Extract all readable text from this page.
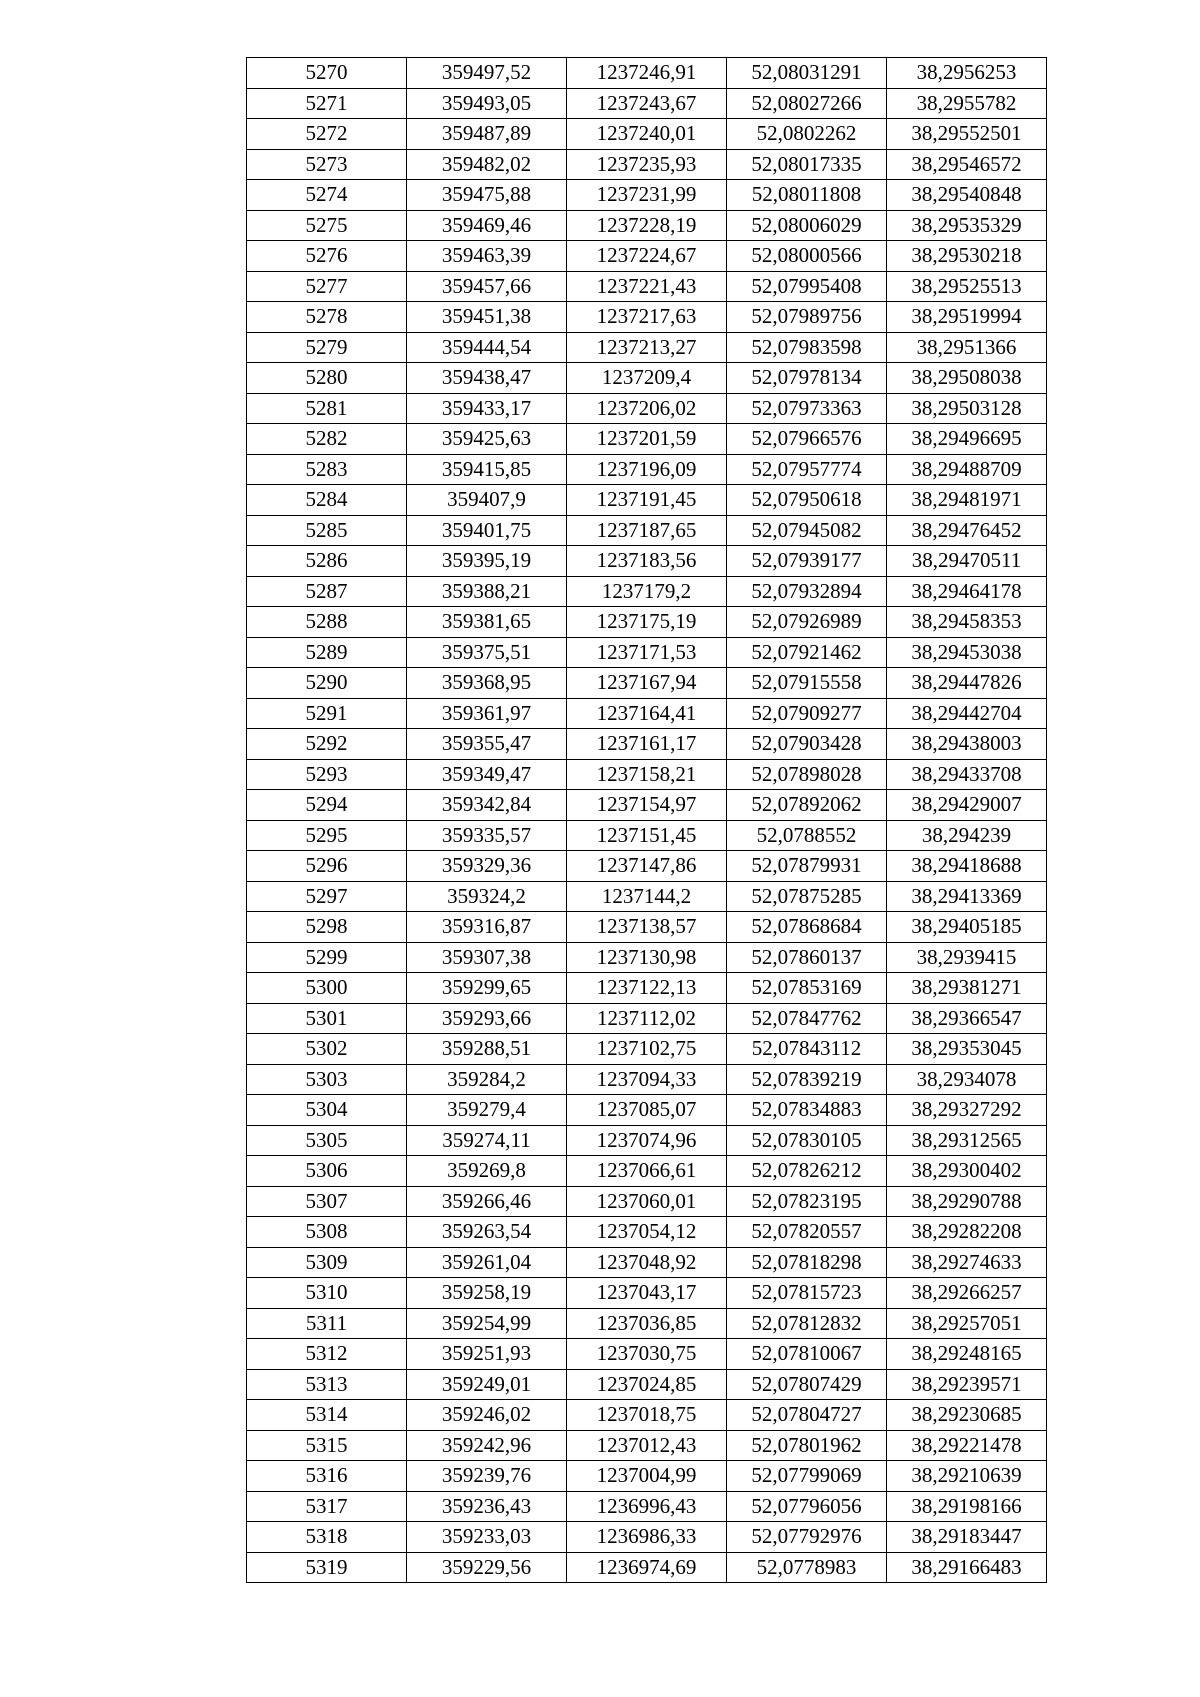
5270	359497,52	1237246,91	52,08031291	38,2956253
5271	359493,05	1237243,67	52,08027266	38,2955782
5272	359487,89	1237240,01	52,0802262	38,29552501
5273	359482,02	1237235,93	52,08017335	38,29546572
5274	359475,88	1237231,99	52,08011808	38,29540848
5275	359469,46	1237228,19	52,08006029	38,29535329
5276	359463,39	1237224,67	52,08000566	38,29530218
5277	359457,66	1237221,43	52,07995408	38,29525513
5278	359451,38	1237217,63	52,07989756	38,29519994
5279	359444,54	1237213,27	52,07983598	38,2951366
5280	359438,47	1237209,4	52,07978134	38,29508038
5281	359433,17	1237206,02	52,07973363	38,29503128
5282	359425,63	1237201,59	52,07966576	38,29496695
5283	359415,85	1237196,09	52,07957774	38,29488709
5284	359407,9	1237191,45	52,07950618	38,29481971
5285	359401,75	1237187,65	52,07945082	38,29476452
5286	359395,19	1237183,56	52,07939177	38,29470511
5287	359388,21	1237179,2	52,07932894	38,29464178
5288	359381,65	1237175,19	52,07926989	38,29458353
5289	359375,51	1237171,53	52,07921462	38,29453038
5290	359368,95	1237167,94	52,07915558	38,29447826
5291	359361,97	1237164,41	52,07909277	38,29442704
5292	359355,47	1237161,17	52,07903428	38,29438003
5293	359349,47	1237158,21	52,07898028	38,29433708
5294	359342,84	1237154,97	52,07892062	38,29429007
5295	359335,57	1237151,45	52,0788552	38,294239
5296	359329,36	1237147,86	52,07879931	38,29418688
5297	359324,2	1237144,2	52,07875285	38,29413369
5298	359316,87	1237138,57	52,07868684	38,29405185
5299	359307,38	1237130,98	52,07860137	38,2939415
5300	359299,65	1237122,13	52,07853169	38,29381271
5301	359293,66	1237112,02	52,07847762	38,29366547
5302	359288,51	1237102,75	52,07843112	38,29353045
5303	359284,2	1237094,33	52,07839219	38,2934078
5304	359279,4	1237085,07	52,07834883	38,29327292
5305	359274,11	1237074,96	52,07830105	38,29312565
5306	359269,8	1237066,61	52,07826212	38,29300402
5307	359266,46	1237060,01	52,07823195	38,29290788
5308	359263,54	1237054,12	52,07820557	38,29282208
5309	359261,04	1237048,92	52,07818298	38,29274633
5310	359258,19	1237043,17	52,07815723	38,29266257
5311	359254,99	1237036,85	52,07812832	38,29257051
5312	359251,93	1237030,75	52,07810067	38,29248165
5313	359249,01	1237024,85	52,07807429	38,29239571
5314	359246,02	1237018,75	52,07804727	38,29230685
5315	359242,96	1237012,43	52,07801962	38,29221478
5316	359239,76	1237004,99	52,07799069	38,29210639
5317	359236,43	1236996,43	52,07796056	38,29198166
5318	359233,03	1236986,33	52,07792976	38,29183447
5319	359229,56	1236974,69	52,0778983	38,29166483
